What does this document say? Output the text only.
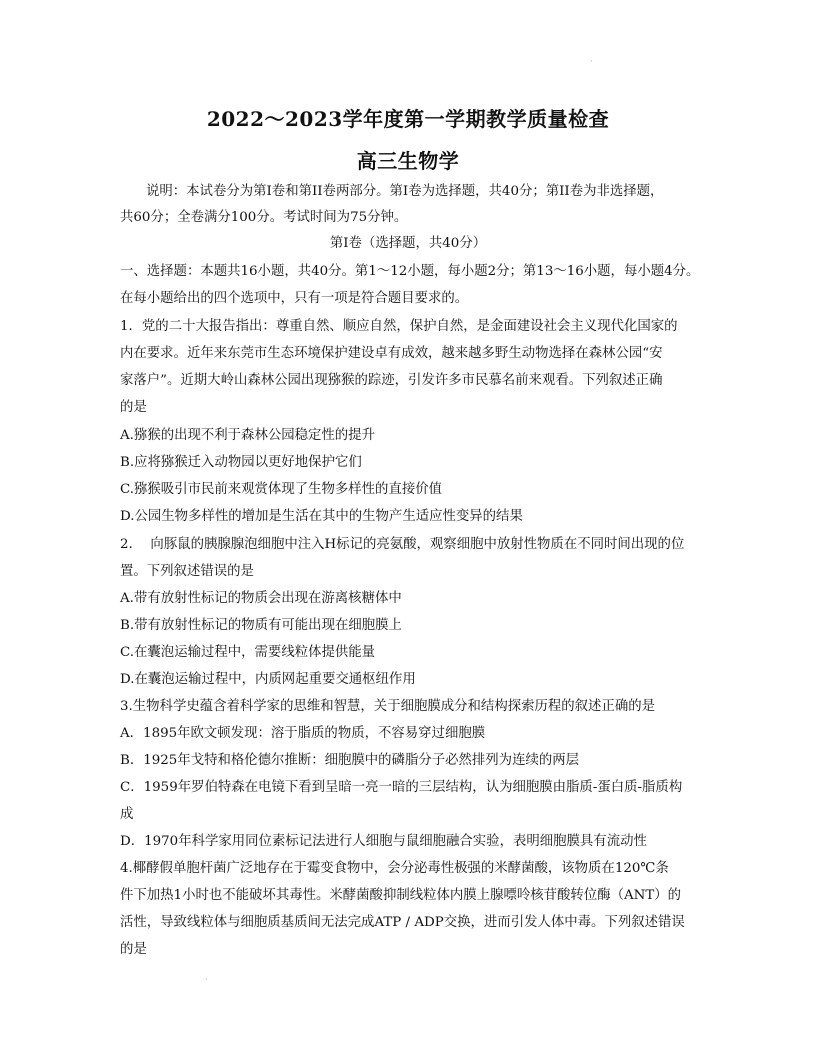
·
2022～2023学年度第一学期教学质量检查
高三生物学
说明：本试卷分为第I卷和第II卷两部分。第I卷为选择题，共40分；第II卷为非选择题，
共60分；全卷满分100分。考试时间为75分钟。
第I卷（选择题，共40分）
一、选择题：本题共16小题，共40分。第1～12小题，每小题2分；第13～16小题，每小题4分。
在每小题给出的四个选项中，只有一项是符合题目要求的。
1．党的二十大报告指出：尊重自然、顺应自然，保护自然，是金面建设社会主义现代化国家的
内在要求。近年来东莞市生态环境保护建设卓有成效，越来越多野生动物选择在森林公园“安
家落户”。近期大岭山森林公园出现猕猴的踪迹，引发许多市民慕名前来观看。下列叙述正确
的是
A.猕猴的出现不利于森林公园稳定性的提升
B.应将猕猴迁入动物园以更好地保护它们
C.猕猴吸引市民前来观赏体现了生物多样性的直接价值
D.公园生物多样性的增加是生活在其中的生物产生适应性变异的结果
2.　 向豚鼠的胰腺腺泡细胞中注入H标记的亮氨酸，观察细胞中放射性物质在不同时间出现的位
置。下列叙述错误的是
A.带有放射性标记的物质会出现在游离核糖体中
B.带有放射性标记的物质有可能出现在细胞膜上
C.在囊泡运输过程中，需要线粒体提供能量
D.在囊泡运输过程中，内质网起重要交通枢纽作用
3.生物科学史蕴含着科学家的思维和智慧，关于细胞膜成分和结构探索历程的叙述正确的是
A．1895年欧文顿发现：溶于脂质的物质，不容易穿过细胞膜
B．1925年戈特和格伦德尔推断：细胞膜中的磷脂分子必然排列为连续的两层
C．1959年罗伯特森在电镜下看到呈暗一亮一暗的三层结构，认为细胞膜由脂质-蛋白质-脂质构
成
D．1970年科学家用同位素标记法进行人细胞与鼠细胞融合实验，表明细胞膜具有流动性
4.椰酵假单胞杆菌广泛地存在于霉变食物中，会分泌毒性极强的米酵菌酸，该物质在120℃条
件下加热1小时也不能破坏其毒性。米酵菌酸抑制线粒体内膜上腺嘌呤核苷酸转位酶（ANT）的
活性，导致线粒体与细胞质基质间无法完成ATP / ADP交换，进而引发人体中毒。下列叙述错误
的是
·
